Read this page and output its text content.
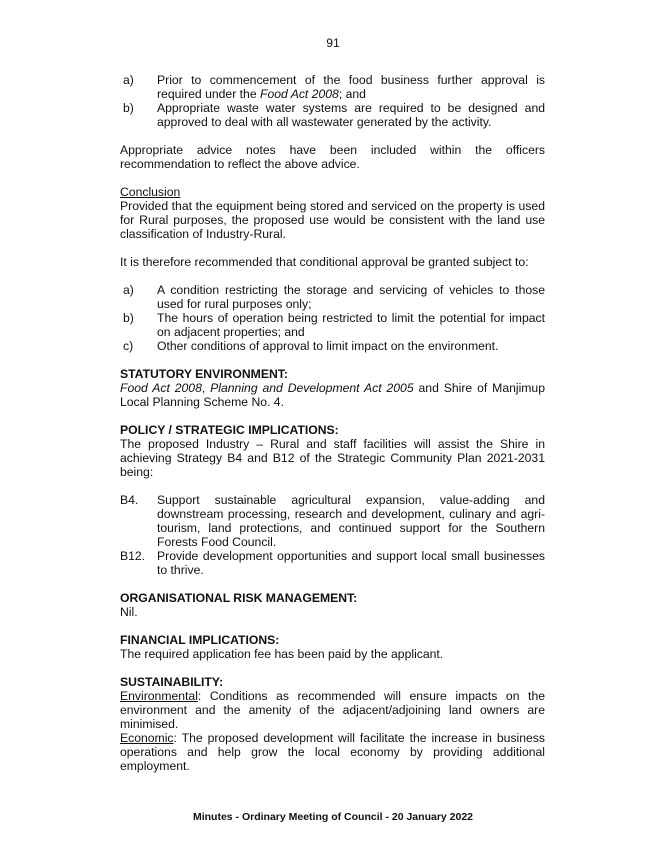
91
a) Prior to commencement of the food business further approval is required under the Food Act 2008; and
b) Appropriate waste water systems are required to be designed and approved to deal with all wastewater generated by the activity.

Appropriate advice notes have been included within the officers recommendation to reflect the above advice.

Conclusion

Provided that the equipment being stored and serviced on the property is used for Rural purposes, the proposed use would be consistent with the land use classification of Industry-Rural.

It is therefore recommended that conditional approval be granted subject to:

a) A condition restricting the storage and servicing of vehicles to those used for rural purposes only;
b) The hours of operation being restricted to limit the potential for impact on adjacent properties; and
c) Other conditions of approval to limit impact on the environment.

STATUTORY ENVIRONMENT:

Food Act 2008, Planning and Development Act 2005 and Shire of Manjimup Local Planning Scheme No. 4.

POLICY / STRATEGIC IMPLICATIONS:

The proposed Industry – Rural and staff facilities will assist the Shire in achieving Strategy B4 and B12 of the Strategic Community Plan 2021-2031 being:

B4. Support sustainable agricultural expansion, value-adding and downstream processing, research and development, culinary and agri-tourism, land protections, and continued support for the Southern Forests Food Council.
B12. Provide development opportunities and support local small businesses to thrive.

ORGANISATIONAL RISK MANAGEMENT:

Nil.

FINANCIAL IMPLICATIONS:

The required application fee has been paid by the applicant.

SUSTAINABILITY:

Environmental: Conditions as recommended will ensure impacts on the environment and the amenity of the adjacent/adjoining land owners are minimised.

Economic: The proposed development will facilitate the increase in business operations and help grow the local economy by providing additional employment.

Minutes - Ordinary Meeting of Council - 20 January 2022
